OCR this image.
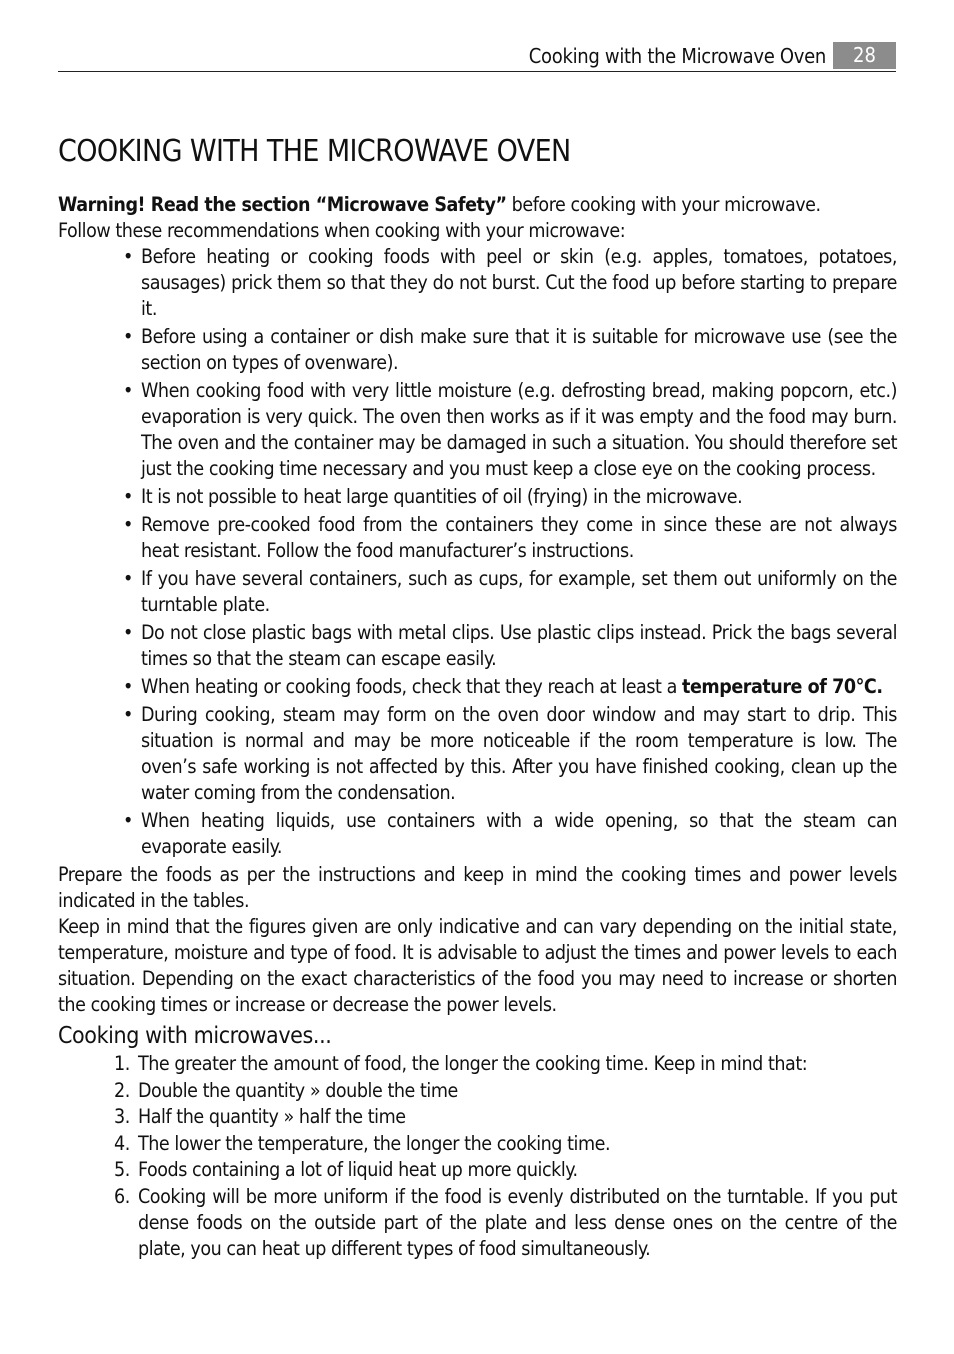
Cooking with the Microwave Oven	28
COOKING WITH THE MICROWAVE OVEN

Warning! Read the section “Microwave Safety” before cooking with your microwave.

Follow these recommendations when cooking with your microwave:

• Before heating or cooking foods with peel or skin (e.g. apples, tomatoes, potatoes, sausages) prick them so that they do not burst. Cut the food up before starting to prepare it.
• Before using a container or dish make sure that it is suitable for microwave use (see the section on types of ovenware).
• When cooking food with very little moisture (e.g. defrosting bread, making popcorn, etc.) evaporation is very quick. The oven then works as if it was empty and the food may burn. The oven and the container may be damaged in such a situation. You should therefore set just the cooking time necessary and you must keep a close eye on the cooking process.
• It is not possible to heat large quantities of oil (frying) in the microwave.
• Remove pre-cooked food from the containers they come in since these are not always heat resistant. Follow the food manufacturer’s instructions.
• If you have several containers, such as cups, for example, set them out uniformly on the turntable plate.
• Do not close plastic bags with metal clips. Use plastic clips instead. Prick the bags several times so that the steam can escape easily.
• When heating or cooking foods, check that they reach at least a temperature of 70°C.
• During cooking, steam may form on the oven door window and may start to drip. This situation is normal and may be more noticeable if the room temperature is low. The oven’s safe working is not affected by this. After you have finished cooking, clean up the water coming from the condensation.
• When heating liquids, use containers with a wide opening, so that the steam can evaporate easily.

Prepare the foods as per the instructions and keep in mind the cooking times and power levels indicated in the tables.

Keep in mind that the figures given are only indicative and can vary depending on the initial state, temperature, moisture and type of food. It is advisable to adjust the times and power levels to each situation. Depending on the exact characteristics of the food you may need to increase or shorten the cooking times or increase or decrease the power levels.

Cooking with microwaves...
1. The greater the amount of food, the longer the cooking time. Keep in mind that:
2. Double the quantity » double the time
3. Half the quantity » half the time
4. The lower the temperature, the longer the cooking time.
5. Foods containing a lot of liquid heat up more quickly.
6. Cooking will be more uniform if the food is evenly distributed on the turntable. If you put dense foods on the outside part of the plate and less dense ones on the centre of the plate, you can heat up different types of food simultaneously.
